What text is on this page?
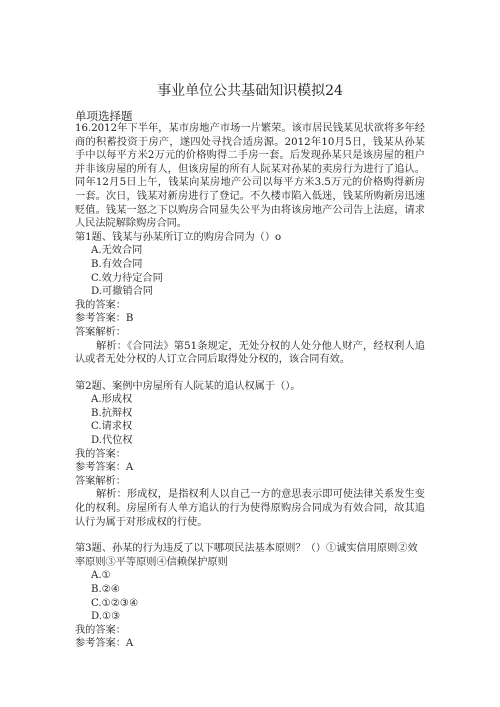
事业单位公共基础知识模拟24
单项选择题

16.2012年下半年，某市房地产市场一片繁荣。该市居民钱某见状欲将多年经商的积蓄投资于房产，遂四处寻找合适房源。2012年10月5日，钱某从孙某手中以每平方米2万元的价格购得二手房一套。后发现孙某只是该房屋的租户并非该房屋的所有人，但该房屋的所有人阮某对孙某的卖房行为进行了追认。同年12月5日上午，钱某向某房地产公司以每平方米3.5万元的价格购得新房一套。次日，钱某对新房进行了登记。不久楼市陷入低迷，钱某所购新房迅速贬值。钱某一怒之下以购房合同显失公平为由将该房地产公司告上法庭，请求人民法院解除购房合同。

第1题、钱某与孙某所订立的购房合同为（）o

A.无效合同

B.有效合同

C.效力待定合同

D.可撤销合同

我的答案：

参考答案：B

答案解析：

解析：《合同法》第51条规定，无处分权的人处分他人财产，经权利人追认或者无处分权的人订立合同后取得处分权的，该合同有效。

第2题、案例中房屋所有人阮某的追认权属于（）。

A.形成权

B.抗辩权

C.请求权

D.代位权

我的答案：

参考答案：A

答案解析：

解析：形成权，是指权利人以自己一方的意思表示即可使法律关系发生变化的权利。房屋所有人单方追认的行为使得原购房合同成为有效合同，故其追认行为属于对形成权的行使。

第3题、孙某的行为违反了以下哪项民法基本原则？（）①诚实信用原则②效率原则③平等原则④信赖保护原则

A.①

B.②④

C.①②③④

D.①③

我的答案：

参考答案：A
